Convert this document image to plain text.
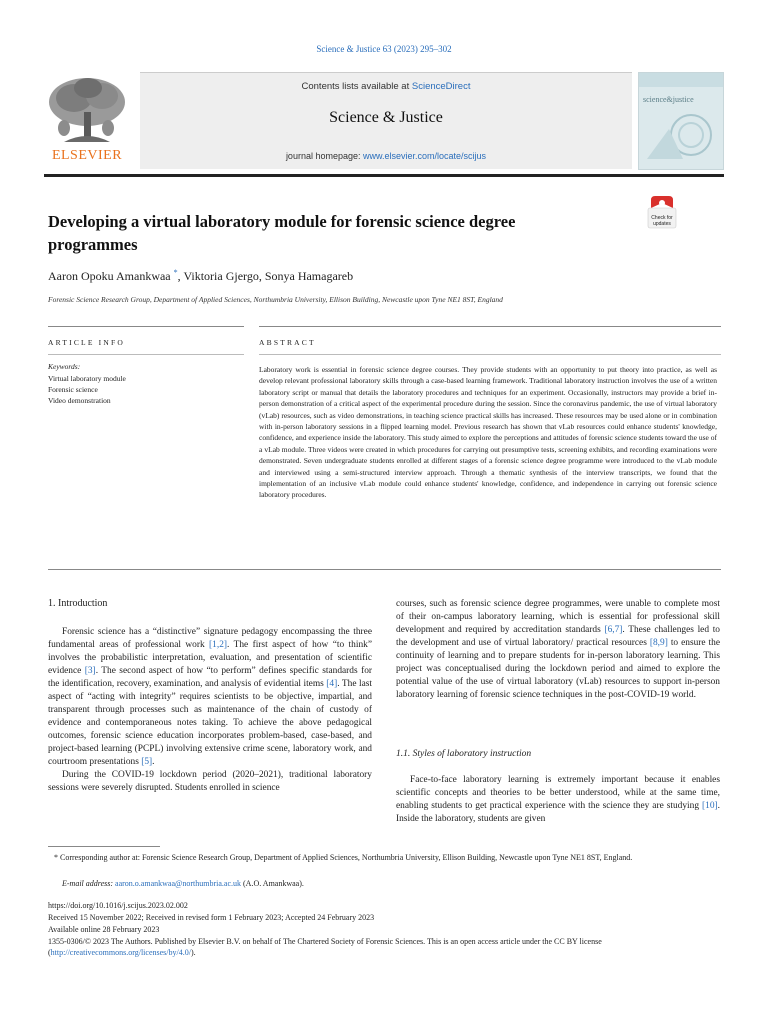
Science & Justice 63 (2023) 295–302
ELSEVIER
Contents lists available at ScienceDirect
Science & Justice
journal homepage: www.elsevier.com/locate/scijus
science&justice
Check for
updates
Developing a virtual laboratory module for forensic science degree programmes
Aaron Opoku Amankwaa *, Viktoria Gjergo, Sonya Hamagareb
Forensic Science Research Group, Department of Applied Sciences, Northumbria University, Ellison Building, Newcastle upon Tyne NE1 8ST, England
ARTICLE INFO	ABSTRACT
Keywords:
Virtual laboratory module
Forensic science
Video demonstration
Laboratory work is essential in forensic science degree courses. They provide students with an opportunity to put theory into practice, as well as develop relevant professional laboratory skills through a case-based learning framework. Traditional laboratory instruction involves the use of a written laboratory script or manual that details the laboratory procedures and techniques for an experiment. Occasionally, instructors may provide a brief in-person demonstration of a critical aspect of the experimental procedure during the session. Since the coronavirus pandemic, the use of virtual laboratory (vLab) resources, such as video demonstrations, in teaching science practical skills has increased. These resources may be used alone or in combination with in-person laboratory sessions in a flipped learning model. Previous research has shown that vLab resources could enhance students' knowledge, confidence, and experience inside the laboratory. This study aimed to explore the perceptions and attitudes of forensic science students toward the use of a vLab module. Three videos were created in which procedures for carrying out presumptive tests, screening exhibits, and recording examinations were demonstrated. Seven undergraduate students enrolled at different stages of a forensic science degree programme were introduced to the vLab module and interviewed using a semi-structured interview approach. Through a thematic synthesis of the interview transcripts, we found that the implementation of an inclusive vLab module could enhance students' knowledge, confidence, and independence in carrying out forensic science laboratory procedures.
1. Introduction

Forensic science has a “distinctive” signature pedagogy encompassing the three fundamental areas of professional work [1,2]. The first aspect of how “to think” involves the probabilistic interpretation, evaluation, and presentation of scientific evidence [3]. The second aspect of how “to perform” defines specific standards for the identification, recovery, examination, and analysis of evidential items [4]. The last aspect of “acting with integrity” requires scientists to be objective, impartial, and transparent through processes such as maintenance of the chain of custody of evidence and contemporaneous notes taking. To achieve the above pedagogical outcomes, forensic science education incorporates problem-based, case-based, and project-based learning (PCPL) involving extensive crime scene, laboratory work, and courtroom presentations [5].

During the COVID-19 lockdown period (2020–2021), traditional laboratory sessions were severely disrupted. Students enrolled in science

courses, such as forensic science degree programmes, were unable to complete most of their on-campus laboratory learning, which is essential for professional skill development and required by accreditation standards [6,7]. These challenges led to the development and use of virtual laboratory/ practical resources [8,9] to ensure the continuity of learning and to prepare students for in-person laboratory learning. This project was conceptualised during the lockdown period and aimed to explore the potential value of the use of virtual laboratory (vLab) resources to support in-person laboratory learning of forensic science techniques in the post-COVID-19 world.

1.1. Styles of laboratory instruction

Face-to-face laboratory learning is extremely important because it enables scientific concepts and theories to be better understood, while at the same time, enabling students to get practical experience with the science they are studying [10]. Inside the laboratory, students are given

* Corresponding author at: Forensic Science Research Group, Department of Applied Sciences, Northumbria University, Ellison Building, Newcastle upon Tyne NE1 8ST, England.
E-mail address: aaron.o.amankwaa@northumbria.ac.uk (A.O. Amankwaa).
https://doi.org/10.1016/j.scijus.2023.02.002
Received 15 November 2022; Received in revised form 1 February 2023; Accepted 24 February 2023
Available online 28 February 2023
1355-0306/© 2023 The Authors. Published by Elsevier B.V. on behalf of The Chartered Society of Forensic Sciences. This is an open access article under the CC BY license (http://creativecommons.org/licenses/by/4.0/).
